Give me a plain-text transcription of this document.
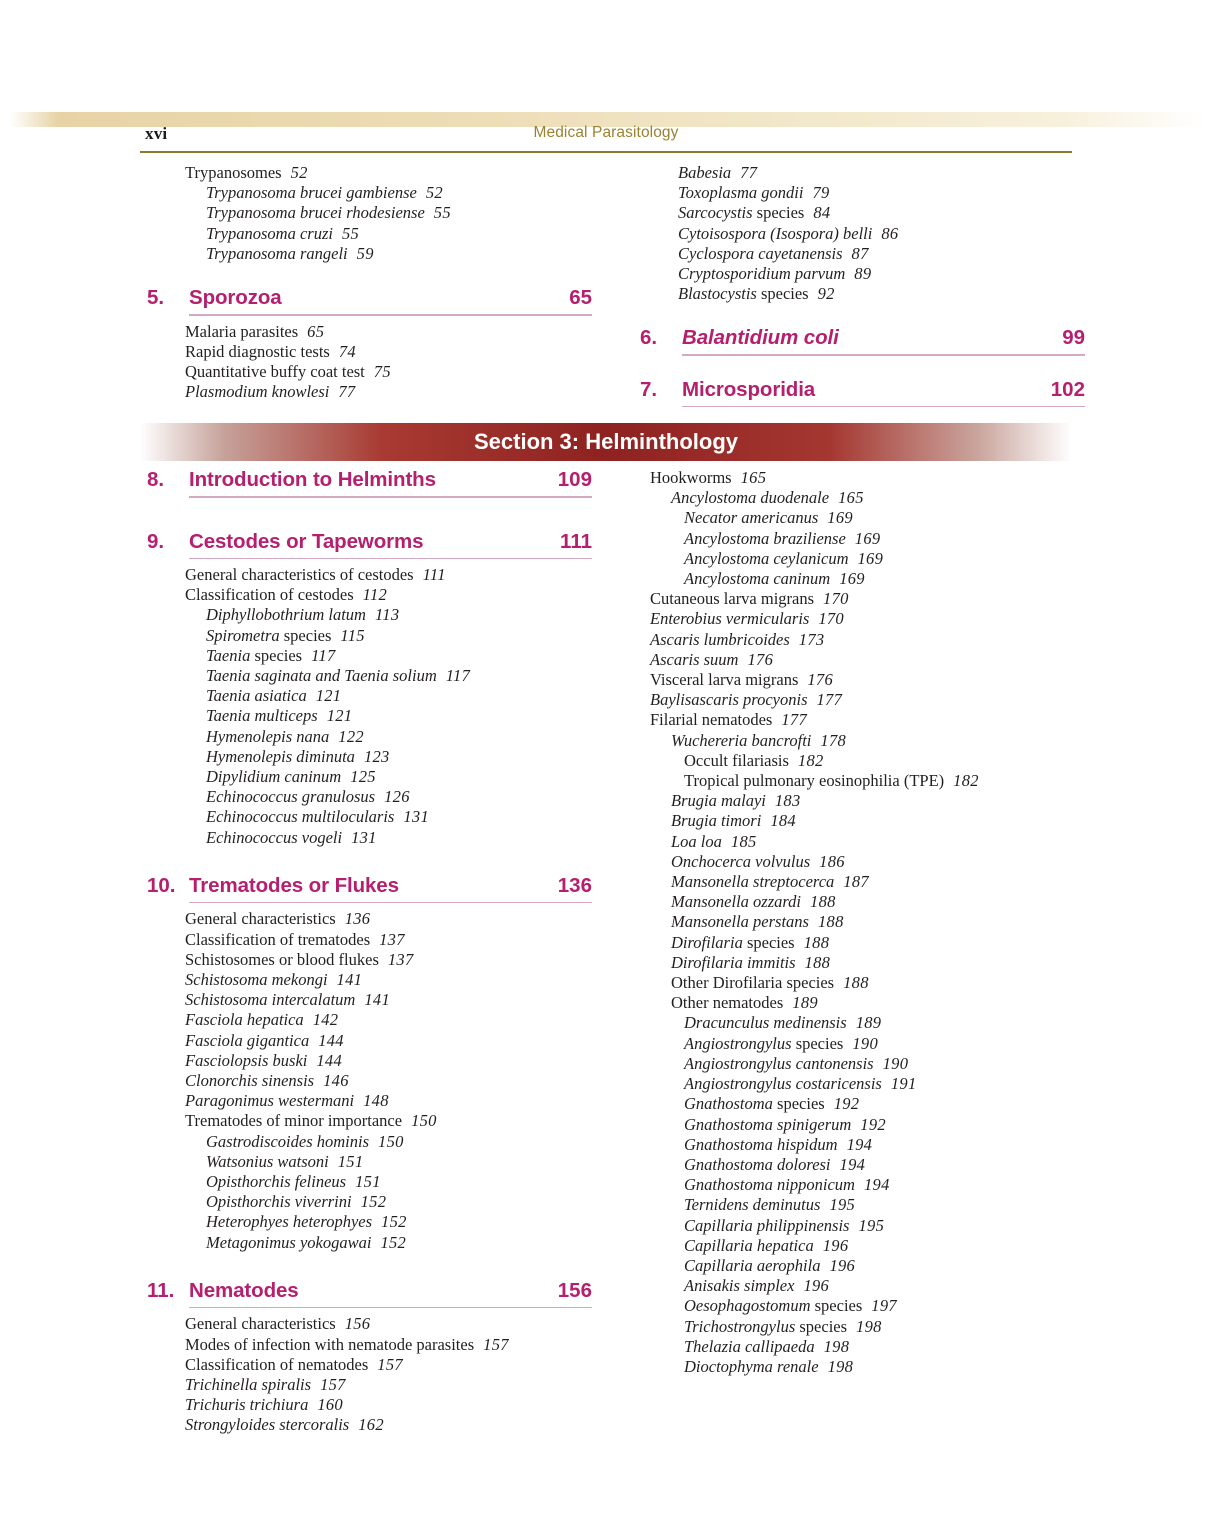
xvi	Medical Parasitology
Section 3: Helminthology
Trypanosomes 52
Trypanosoma brucei gambiense 52
Trypanosoma brucei rhodesiense 55
Trypanosoma cruzi 55
Trypanosoma rangeli 59
5.	Sporozoa	65
Malaria parasites 65
Rapid diagnostic tests 74
Quantitative buffy coat test 75
Plasmodium knowlesi 77
8.	Introduction to Helminths	109
9.	Cestodes or Tapeworms	111
General characteristics of cestodes 111
Classification of cestodes 112
Diphyllobothrium latum 113
Spirometra species 115
Taenia species 117
Taenia saginata and Taenia solium 117
Taenia asiatica 121
Taenia multiceps 121
Hymenolepis nana 122
Hymenolepis diminuta 123
Dipylidium caninum 125
Echinococcus granulosus 126
Echinococcus multilocularis 131
Echinococcus vogeli 131
10. Trematodes or Flukes	136
General characteristics 136
Classification of trematodes 137
Schistosomes or blood flukes 137
Schistosoma mekongi 141
Schistosoma intercalatum 141
Fasciola hepatica 142
Fasciola gigantica 144
Fasciolopsis buski 144
Clonorchis sinensis 146
Paragonimus westermani 148
Trematodes of minor importance 150
Gastrodiscoides hominis 150
Watsonius watsoni 151
Opisthorchis felineus 151
Opisthorchis viverrini 152
Heterophyes heterophyes 152
Metagonimus yokogawai 152
11. Nematodes	156
General characteristics 156
Modes of infection with nematode parasites 157
Classification of nematodes 157
Trichinella spiralis 157
Trichuris trichiura 160
Strongyloides stercoralis 162
Babesia 77
Toxoplasma gondii 79
Sarcocystis species 84
Cytoisospora (Isospora) belli 86
Cyclospora cayetanensis 87
Cryptosporidium parvum 89
Blastocystis species 92
6.	Balantidium coli	99
7.	Microsporidia	102
Hookworms 165
Ancylostoma duodenale 165
Necator americanus 169
Ancylostoma braziliense 169
Ancylostoma ceylanicum 169
Ancylostoma caninum 169
Cutaneous larva migrans 170
Enterobius vermicularis 170
Ascaris lumbricoides 173
Ascaris suum 176
Visceral larva migrans 176
Baylisascaris procyonis 177
Filarial nematodes 177
Wuchereria bancrofti 178
Occult filariasis 182
Tropical pulmonary eosinophilia (TPE) 182
Brugia malayi 183
Brugia timori 184
Loa loa 185
Onchocerca volvulus 186
Mansonella streptocerca 187
Mansonella ozzardi 188
Mansonella perstans 188
Dirofilaria species 188
Dirofilaria immitis 188
Other Dirofilaria species 188
Other nematodes 189
Dracunculus medinensis 189
Angiostrongylus species 190
Angiostrongylus cantonensis 190
Angiostrongylus costaricensis 191
Gnathostoma species 192
Gnathostoma spinigerum 192
Gnathostoma hispidum 194
Gnathostoma doloresi 194
Gnathostoma nipponicum 194
Ternidens deminutus 195
Capillaria philippinensis 195
Capillaria hepatica 196
Capillaria aerophila 196
Anisakis simplex 196
Oesophagostomum species 197
Trichostrongylus species 198
Thelazia callipaeda 198
Dioctophyma renale 198
